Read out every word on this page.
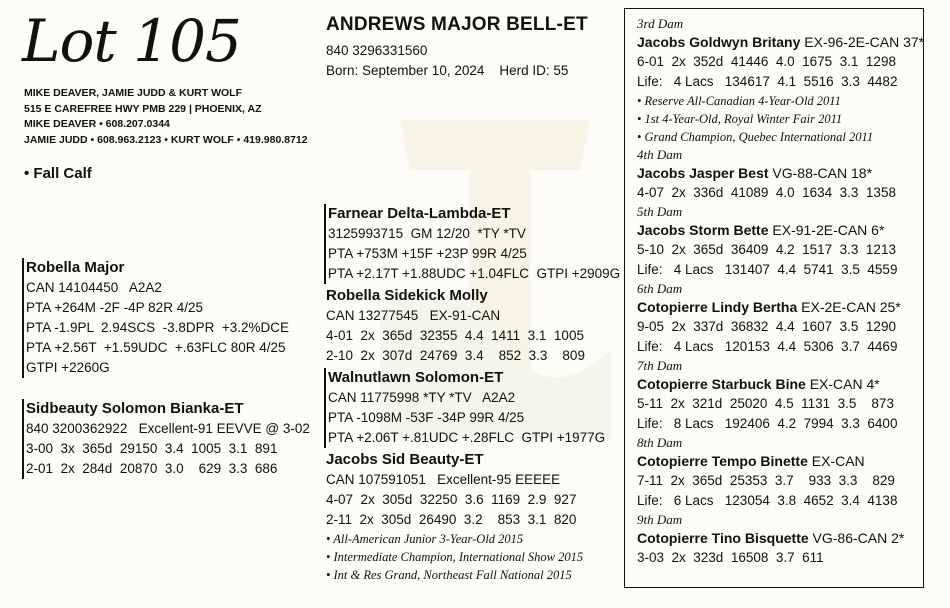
Lot 105
MIKE DEAVER, JAMIE JUDD & KURT WOLF
515 E CAREFREE HWY PMB 229 | PHOENIX, AZ
MIKE DEAVER • 608.207.0344
JAMIE JUDD • 608.963.2123 • KURT WOLF • 419.980.8712
• Fall Calf
ANDREWS MAJOR BELL-ET
840 3296331560
Born: September 10, 2024    Herd ID: 55
Robella Major
CAN 14104450   A2A2
PTA +264M -2F -4P 82R 4/25
PTA -1.9PL  2.94SCS  -3.8DPR  +3.2%DCE
PTA +2.56T  +1.59UDC  +.63FLC 80R 4/25
GTPI +2260G
Sidbeauty Solomon Bianka-ET
840 3200362922   Excellent-91 EEVVE @ 3-02
3-00  3x  365d  29150  3.4  1005  3.1  891
2-01  2x  284d  20870  3.0    629  3.3  686
Farnear Delta-Lambda-ET
3125993715  GM 12/20  *TY *TV
PTA +753M +15F +23P 99R 4/25
PTA +2.17T +1.88UDC +1.04FLC  GTPI +2909G
Robella Sidekick Molly
CAN 13277545   EX-91-CAN
4-01  2x  365d  32355  4.4  1411  3.1  1005
2-10  2x  307d  24769  3.4    852  3.3    809
Walnutlawn Solomon-ET
CAN 11775998 *TY *TV   A2A2
PTA -1098M -53F -34P 99R 4/25
PTA +2.06T +.81UDC +.28FLC  GTPI +1977G
Jacobs Sid Beauty-ET
CAN 107591051   Excellent-95 EEEEE
4-07  2x  305d  32250  3.6  1169  2.9  927
2-11  2x  305d  26490  3.2    853  3.1  820
• All-American Junior 3-Year-Old 2015
• Intermediate Champion, International Show 2015
• Int & Res Grand, Northeast Fall National 2015
3rd Dam
Jacobs Goldwyn Britany EX-96-2E-CAN 37*
6-01  2x  352d  41446  4.0  1675  3.1  1298
Life:   4 Lacs   134617  4.1  5516  3.3  4482
• Reserve All-Canadian 4-Year-Old 2011
• 1st 4-Year-Old, Royal Winter Fair 2011
• Grand Champion, Quebec International 2011
4th Dam
Jacobs Jasper Best VG-88-CAN 18*
4-07  2x  336d  41089  4.0  1634  3.3  1358
5th Dam
Jacobs Storm Bette EX-91-2E-CAN 6*
5-10  2x  365d  36409  4.2  1517  3.3  1213
Life:   4 Lacs   131407  4.4  5741  3.5  4559
6th Dam
Cotopierre Lindy Bertha EX-2E-CAN 25*
9-05  2x  337d  36832  4.4  1607  3.5  1290
Life:   4 Lacs   120153  4.4  5306  3.7  4469
7th Dam
Cotopierre Starbuck Bine EX-CAN 4*
5-11  2x  321d  25020  4.5  1131  3.5    873
Life:   8 Lacs   192406  4.2  7994  3.3  6400
8th Dam
Cotopierre Tempo Binette EX-CAN
7-11  2x  365d  25353  3.7    933  3.3    829
Life:   6 Lacs   123054  3.8  4652  3.4  4138
9th Dam
Cotopierre Tino Bisquette VG-86-CAN 2*
3-03  2x  323d  16508  3.7  611
